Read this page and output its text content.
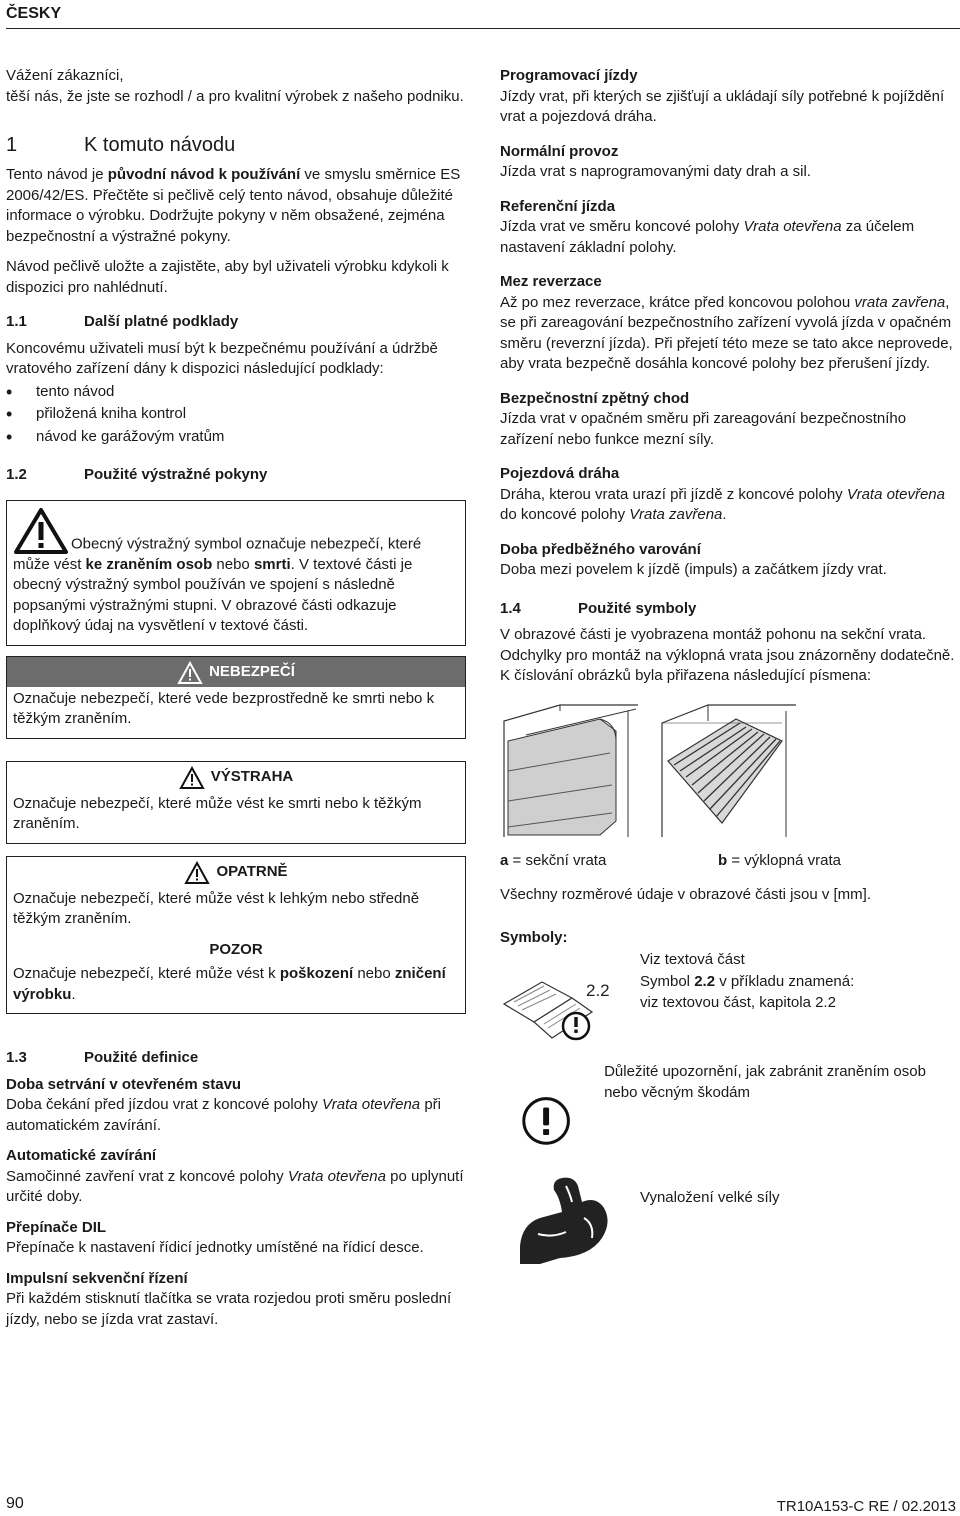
ČESKY

Vážení zákazníci,

těší nás, že jste se rozhodl / a pro kvalitní výrobek z našeho podniku.

1	K tomuto návodu

Tento návod je původní návod k používání ve smyslu směrnice ES 2006/42/ES. Přečtěte si pečlivě celý tento návod, obsahuje důležité informace o výrobku. Dodržujte pokyny v něm obsažené, zejména bezpečnostní a výstražné pokyny.

Návod pečlivě uložte a zajistěte, aby byl uživateli výrobku kdykoli k dispozici pro nahlédnutí.

1.1	Další platné podklady

Koncovému uživateli musí být k bezpečnému používání a údržbě vratového zařízení dány k dispozici následující podklady:

• tento návod
• přiložená kniha kontrol
• návod ke garážovým vratům
1.2	Použité výstražné pokyny
Obecný výstražný symbol označuje nebezpečí, které může vést ke zraněním osob nebo smrti. V textové části je obecný výstražný symbol používán ve spojení s následně popsanými výstražnými stupni. V obrazové části odkazuje doplňkový údaj na vysvětlení v textové části.
NEBEZPEČÍ
Označuje nebezpečí, které vede bezprostředně ke smrti nebo k těžkým zraněním.
VÝSTRAHA
Označuje nebezpečí, které může vést ke smrti nebo k těžkým zraněním.
OPATRNĚ
Označuje nebezpečí, které může vést k lehkým nebo středně těžkým zraněním.
POZOR
Označuje nebezpečí, které může vést k poškození nebo zničení výrobku.
1.3	Použité definice

Doba setrvání v otevřeném stavu

Doba čekání před jízdou vrat z koncové polohy Vrata otevřena při automatickém zavírání.

Automatické zavírání

Samočinné zavření vrat z koncové polohy Vrata otevřena po uplynutí určité doby.

Přepínače DIL

Přepínače k nastavení řídicí jednotky umístěné na řídicí desce.

Impulsní sekvenční řízení

Při každém stisknutí tlačítka se vrata rozjedou proti směru poslední jízdy, nebo se jízda vrat zastaví.

Programovací jízdy

Jízdy vrat, při kterých se zjišťují a ukládají síly potřebné k pojíždění vrat a pojezdová dráha.

Normální provoz

Jízda vrat s naprogramovanými daty drah a sil.

Referenční jízda

Jízda vrat ve směru koncové polohy Vrata otevřena za účelem nastavení základní polohy.

Mez reverzace

Až po mez reverzace, krátce před koncovou polohou vrata zavřena, se při zareagování bezpečnostního zařízení vyvolá jízda v opačném směru (reverzní jízda). Při přejetí této meze se tato akce neprovede, aby vrata bezpečně dosáhla koncové polohy bez přerušení jízdy.

Bezpečnostní zpětný chod

Jízda vrat v opačném směru při zareagování bezpečnostního zařízení nebo funkce mezní síly.

Pojezdová dráha

Dráha, kterou vrata urazí při jízdě z koncové polohy Vrata otevřena do koncové polohy Vrata zavřena.

Doba předběžného varování

Doba mezi povelem k jízdě (impuls) a začátkem jízdy vrat.

1.4	Použité symboly

V obrazové části je vyobrazena montáž pohonu na sekční vrata. Odchylky pro montáž na výklopná vrata jsou znázorněny dodatečně. K číslování obrázků byla přiřazena následující písmena:

a = sekční vrata	b = výklopná vrata

Všechny rozměrové údaje v obrazové části jsou v [mm].

Symboly:

Viz textová část

2.2 Symbol 2.2 v příkladu znamená:
viz textovou část, kapitola 2.2

Důležité upozornění, jak zabránit zraněním osob nebo věcným škodám

Vynaložení velké síly

90	TR10A153-C RE / 02.2013
